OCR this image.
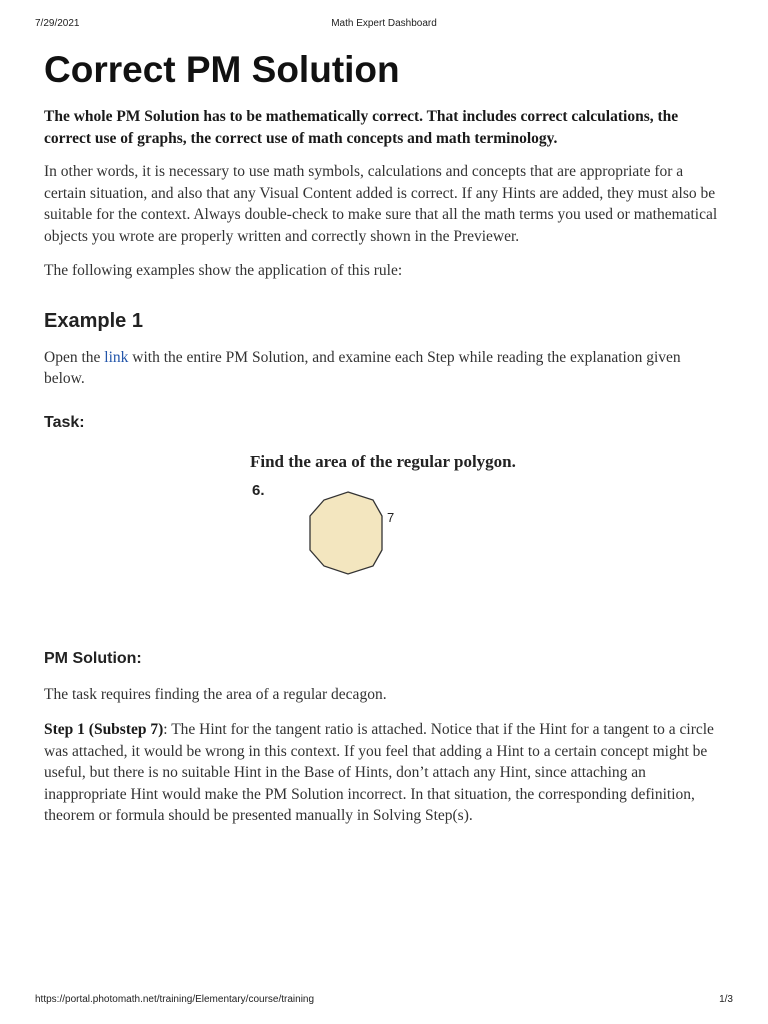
7/29/2021	Math Expert Dashboard
Correct PM Solution

The whole PM Solution has to be mathematically correct. That includes correct calculations, the correct use of graphs, the correct use of math concepts and math terminology.

In other words, it is necessary to use math symbols, calculations and concepts that are appropriate for a certain situation, and also that any Visual Content added is correct. If any Hints are added, they must also be suitable for the context. Always double-check to make sure that all the math terms you used or mathematical objects you wrote are properly written and correctly shown in the Previewer.

The following examples show the application of this rule:

Example 1

Open the link with the entire PM Solution, and examine each Step while reading the explanation given below.

Task:
Find the area of the regular polygon.
6.
7
PM Solution:

The task requires finding the area of a regular decagon.

Step 1 (Substep 7): The Hint for the tangent ratio is attached. Notice that if the Hint for a tangent to a circle was attached, it would be wrong in this context. If you feel that adding a Hint to a certain concept might be useful, but there is no suitable Hint in the Base of Hints, don’t attach any Hint, since attaching an inappropriate Hint would make the PM Solution incorrect. In that situation, the corresponding definition, theorem or formula should be presented manually in Solving Step(s).

https://portal.photomath.net/training/Elementary/course/training	1/3
